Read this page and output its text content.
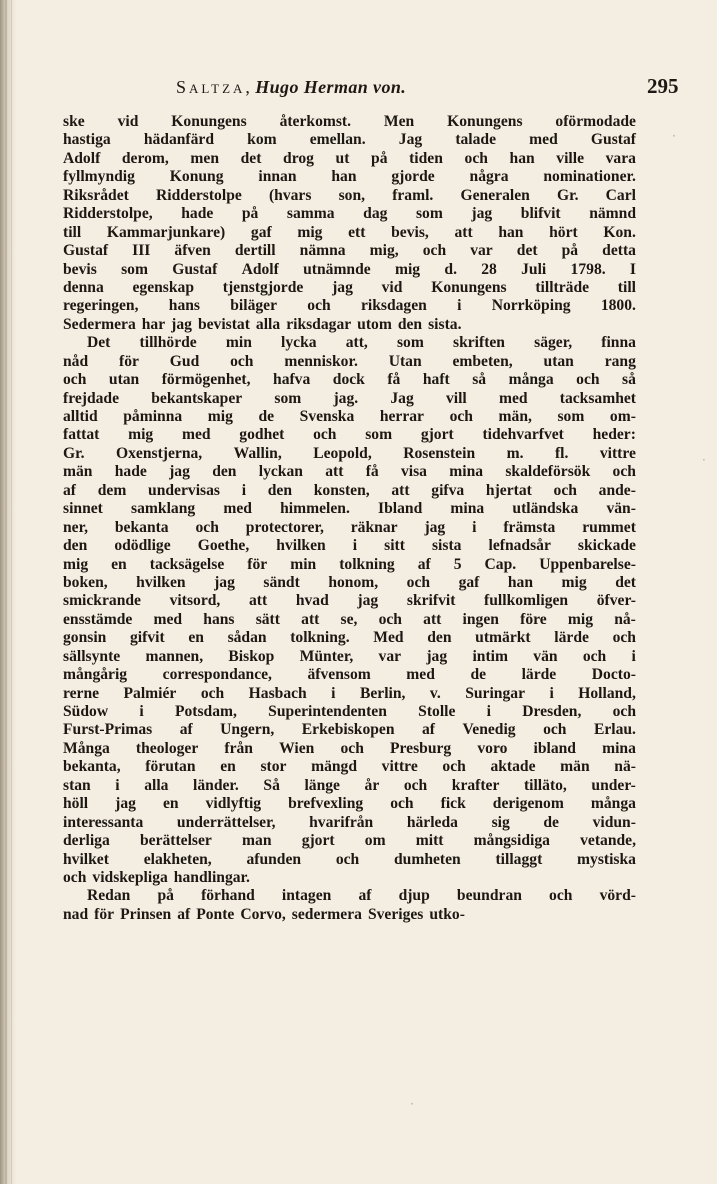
Saltza, Hugo Herman von.	295
ske vid Konungens återkomst. Men Konungens oförmodade
hastiga hädanfärd kom emellan. Jag talade med Gustaf
Adolf derom, men det drog ut på tiden och han ville vara
fyllmyndig Konung innan han gjorde några nominationer.
Riksrådet Ridderstolpe (hvars son, framl. Generalen Gr. Carl
Ridderstolpe, hade på samma dag som jag blifvit nämnd
till Kammarjunkare) gaf mig ett bevis, att han hört Kon.
Gustaf III äfven dertill nämna mig, och var det på detta
bevis som Gustaf Adolf utnämnde mig d. 28 Juli 1798. I
denna egenskap tjenstgjorde jag vid Konungens tillträde till
regeringen, hans biläger och riksdagen i Norrköping 1800.
Sedermera har jag bevistat alla riksdagar utom den sista.
Det tillhörde min lycka att, som skriften säger, finna
nåd för Gud och menniskor. Utan embeten, utan rang
och utan förmögenhet, hafva dock få haft så många och så
frejdade bekantskaper som jag. Jag vill med tacksamhet
alltid påminna mig de Svenska herrar och män, som om-
fattat mig med godhet och som gjort tidehvarfvet heder:
Gr. Oxenstjerna, Wallin, Leopold, Rosenstein m. fl. vittre
män hade jag den lyckan att få visa mina skaldeförsök och
af dem undervisas i den konsten, att gifva hjertat och ande-
sinnet samklang med himmelen. Ibland mina utländska vän-
ner, bekanta och protectorer, räknar jag i främsta rummet
den odödlige Goethe, hvilken i sitt sista lefnadsår skickade
mig en tacksägelse för min tolkning af 5 Cap. Uppenbarelse-
boken, hvilken jag sändt honom, och gaf han mig det
smickrande vitsord, att hvad jag skrifvit fullkomligen öfver-
ensstämde med hans sätt att se, och att ingen före mig nå-
gonsin gifvit en sådan tolkning. Med den utmärkt lärde och
sällsynte mannen, Biskop Münter, var jag intim vän och i
mångårig correspondance, äfvensom med de lärde Docto-
rerne Palmiér och Hasbach i Berlin, v. Suringar i Holland,
Südow i Potsdam, Superintendenten Stolle i Dresden, och
Furst-Primas af Ungern, Erkebiskopen af Venedig och Erlau.
Många theologer från Wien och Presburg voro ibland mina
bekanta, förutan en stor mängd vittre och aktade män nä-
stan i alla länder. Så länge år och krafter tilläto, under-
höll jag en vidlyftig brefvexling och fick derigenom många
interessanta underrättelser, hvarifrån härleda sig de vidun-
derliga berättelser man gjort om mitt mångsidiga vetande,
hvilket elakheten, afunden och dumheten tillaggt mystiska
och vidskepliga handlingar.
Redan på förhand intagen af djup beundran och vörd-
nad för Prinsen af Ponte Corvo, sedermera Sveriges utko-
·
·
·
